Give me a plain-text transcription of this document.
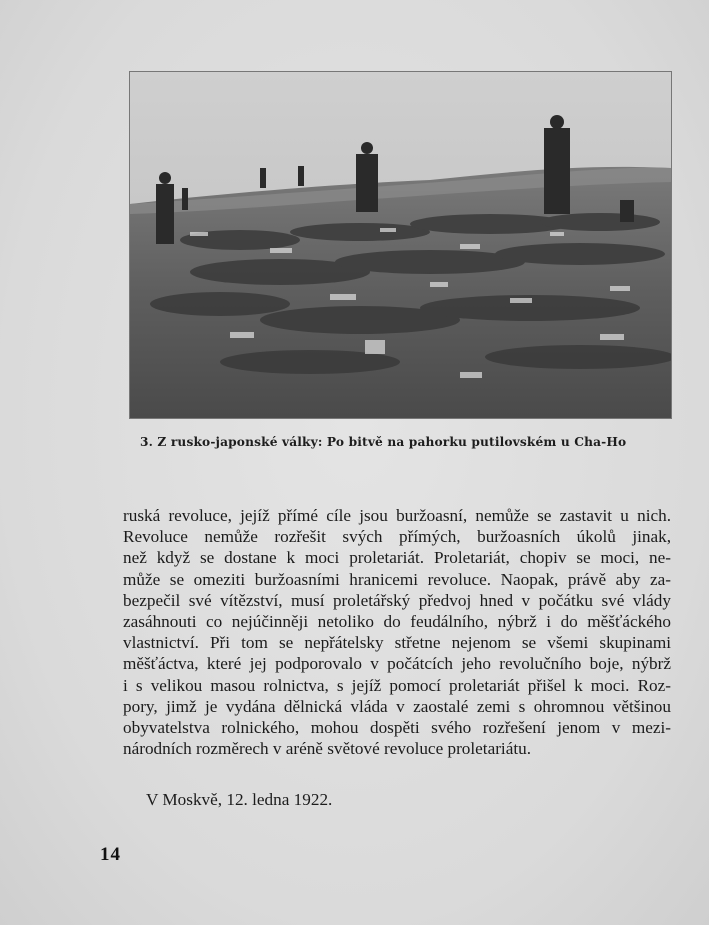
3. Z rusko-japonské války: Po bitvě na pahorku putilovském u Cha-Ho
ruská revoluce, jejíž přímé cíle jsou buržoasní, nemůže se zastavit u nich.
Revoluce nemůže rozřešit svých přímých, buržoasních úkolů jinak,
než když se dostane k moci proletariát. Proletariát, chopiv se moci, ne-
může se omeziti buržoasními hranicemi revoluce. Naopak, právě aby za-
bezpečil své vítězství, musí proletářský předvoj hned v počátku své vlády
zasáhnouti co nejúčinněji netoliko do feudálního, nýbrž i do měšťáckého
vlastnictví. Při tom se nepřátelsky střetne nejenom se všemi skupinami
měšťáctva, které jej podporovalo v počátcích jeho revolučního boje, nýbrž
i s velikou masou rolnictva, s jejíž pomocí proletariát přišel k moci. Roz-
pory, jimž je vydána dělnická vláda v zaostalé zemi s ohromnou většinou
obyvatelstva rolnického, mohou dospěti svého rozřešení jenom v mezi-
národních rozměrech v aréně světové revoluce proletariátu.
V Moskvě, 12. ledna 1922.
14
